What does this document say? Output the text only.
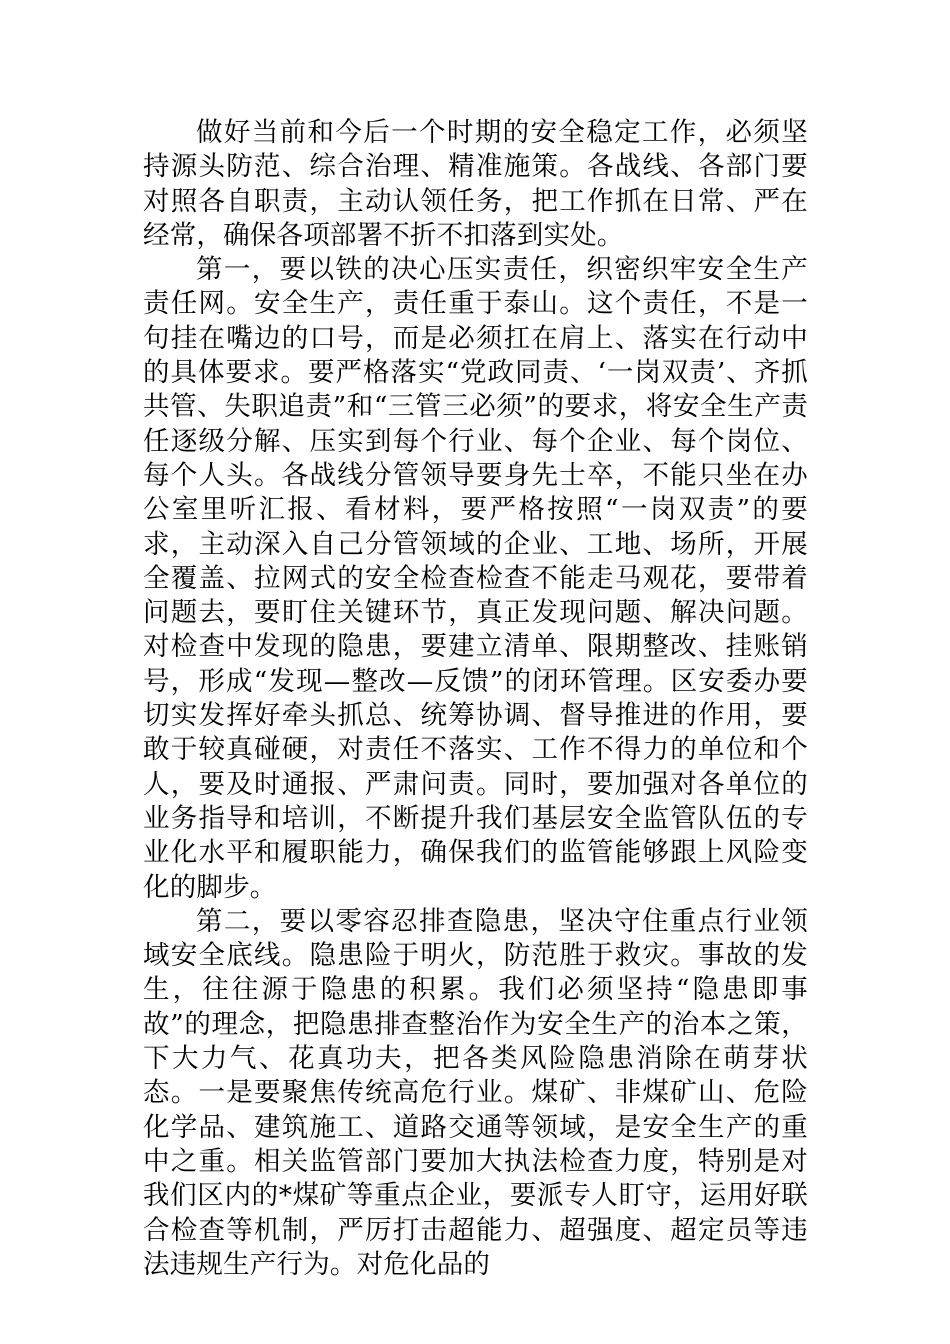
做好当前和今后一个时期的安全稳定工作，必须坚持源头防范、综合治理、精准施策。各战线、各部门要对照各自职责，主动认领任务，把工作抓在日常、严在经常，确保各项部署不折不扣落到实处。

第一，要以铁的决心压实责任，织密织牢安全生产责任网。安全生产，责任重于泰山。这个责任，不是一句挂在嘴边的口号，而是必须扛在肩上、落实在行动中的具体要求。要严格落实“党政同责、‘一岗双责’、齐抓共管、失职追责”和“三管三必须”的要求，将安全生产责任逐级分解、压实到每个行业、每个企业、每个岗位、每个人头。各战线分管领导要身先士卒，不能只坐在办公室里听汇报、看材料，要严格按照“一岗双责”的要求，主动深入自己分管领域的企业、工地、场所，开展全覆盖、拉网式的安全检查检查不能走马观花，要带着问题去，要盯住关键环节，真正发现问题、解决问题。对检查中发现的隐患，要建立清单、限期整改、挂账销号，形成“发现—整改—反馈”的闭环管理。区安委办要切实发挥好牵头抓总、统筹协调、督导推进的作用，要敢于较真碰硬，对责任不落实、工作不得力的单位和个人，要及时通报、严肃问责。同时，要加强对各单位的业务指导和培训，不断提升我们基层安全监管队伍的专业化水平和履职能力，确保我们的监管能够跟上风险变化的脚步。

第二，要以零容忍排查隐患，坚决守住重点行业领域安全底线。隐患险于明火，防范胜于救灾。事故的发生，往往源于隐患的积累。我们必须坚持“隐患即事故”的理念，把隐患排查整治作为安全生产的治本之策，下大力气、花真功夫，把各类风险隐患消除在萌芽状态。一是要聚焦传统高危行业。煤矿、非煤矿山、危险化学品、建筑施工、道路交通等领域，是安全生产的重中之重。相关监管部门要加大执法检查力度，特别是对我们区内的*煤矿等重点企业，要派专人盯守，运用好联合检查等机制，严厉打击超能力、超强度、超定员等违法违规生产行为。对危化品的
